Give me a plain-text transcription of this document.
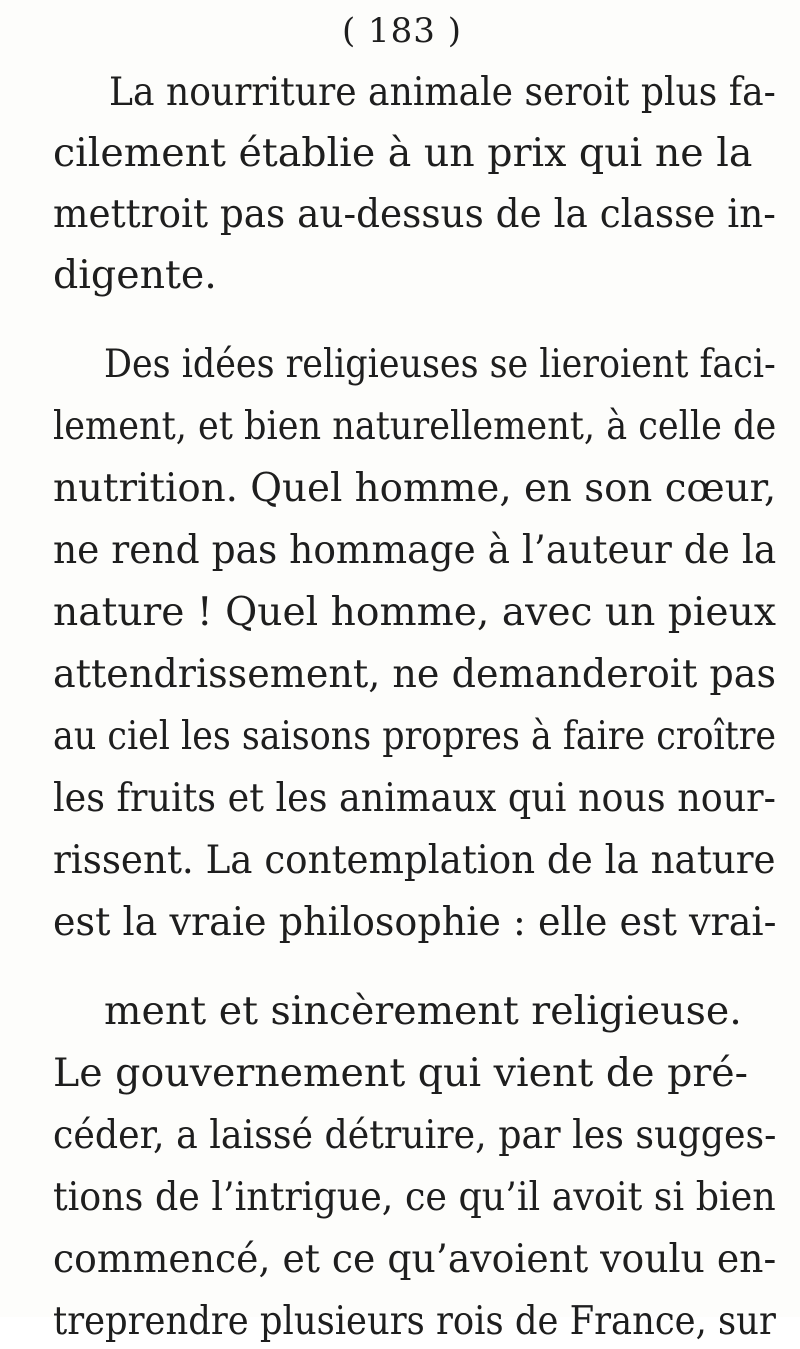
( 183 )
La nourriture animale seroit plus fa-
cilement établie à un prix qui ne la
mettroit pas au-dessus de la classe in-
digente.
Des idées religieuses se lieroient faci-
lement, et bien naturellement, à celle de
nutrition. Quel homme, en son cœur,
ne rend pas hommage à l’auteur de la
nature ! Quel homme, avec un pieux
attendrissement, ne demanderoit pas
au ciel les saisons propres à faire croître
les fruits et les animaux qui nous nour-
rissent. La contemplation de la nature
est la vraie philosophie : elle est vrai-
ment et sincèrement religieuse.
Le gouvernement qui vient de pré-
céder, a laissé détruire, par les sugges-
tions de l’intrigue, ce qu’il avoit si bien
commencé, et ce qu’avoient voulu en-
treprendre plusieurs rois de France, sur
